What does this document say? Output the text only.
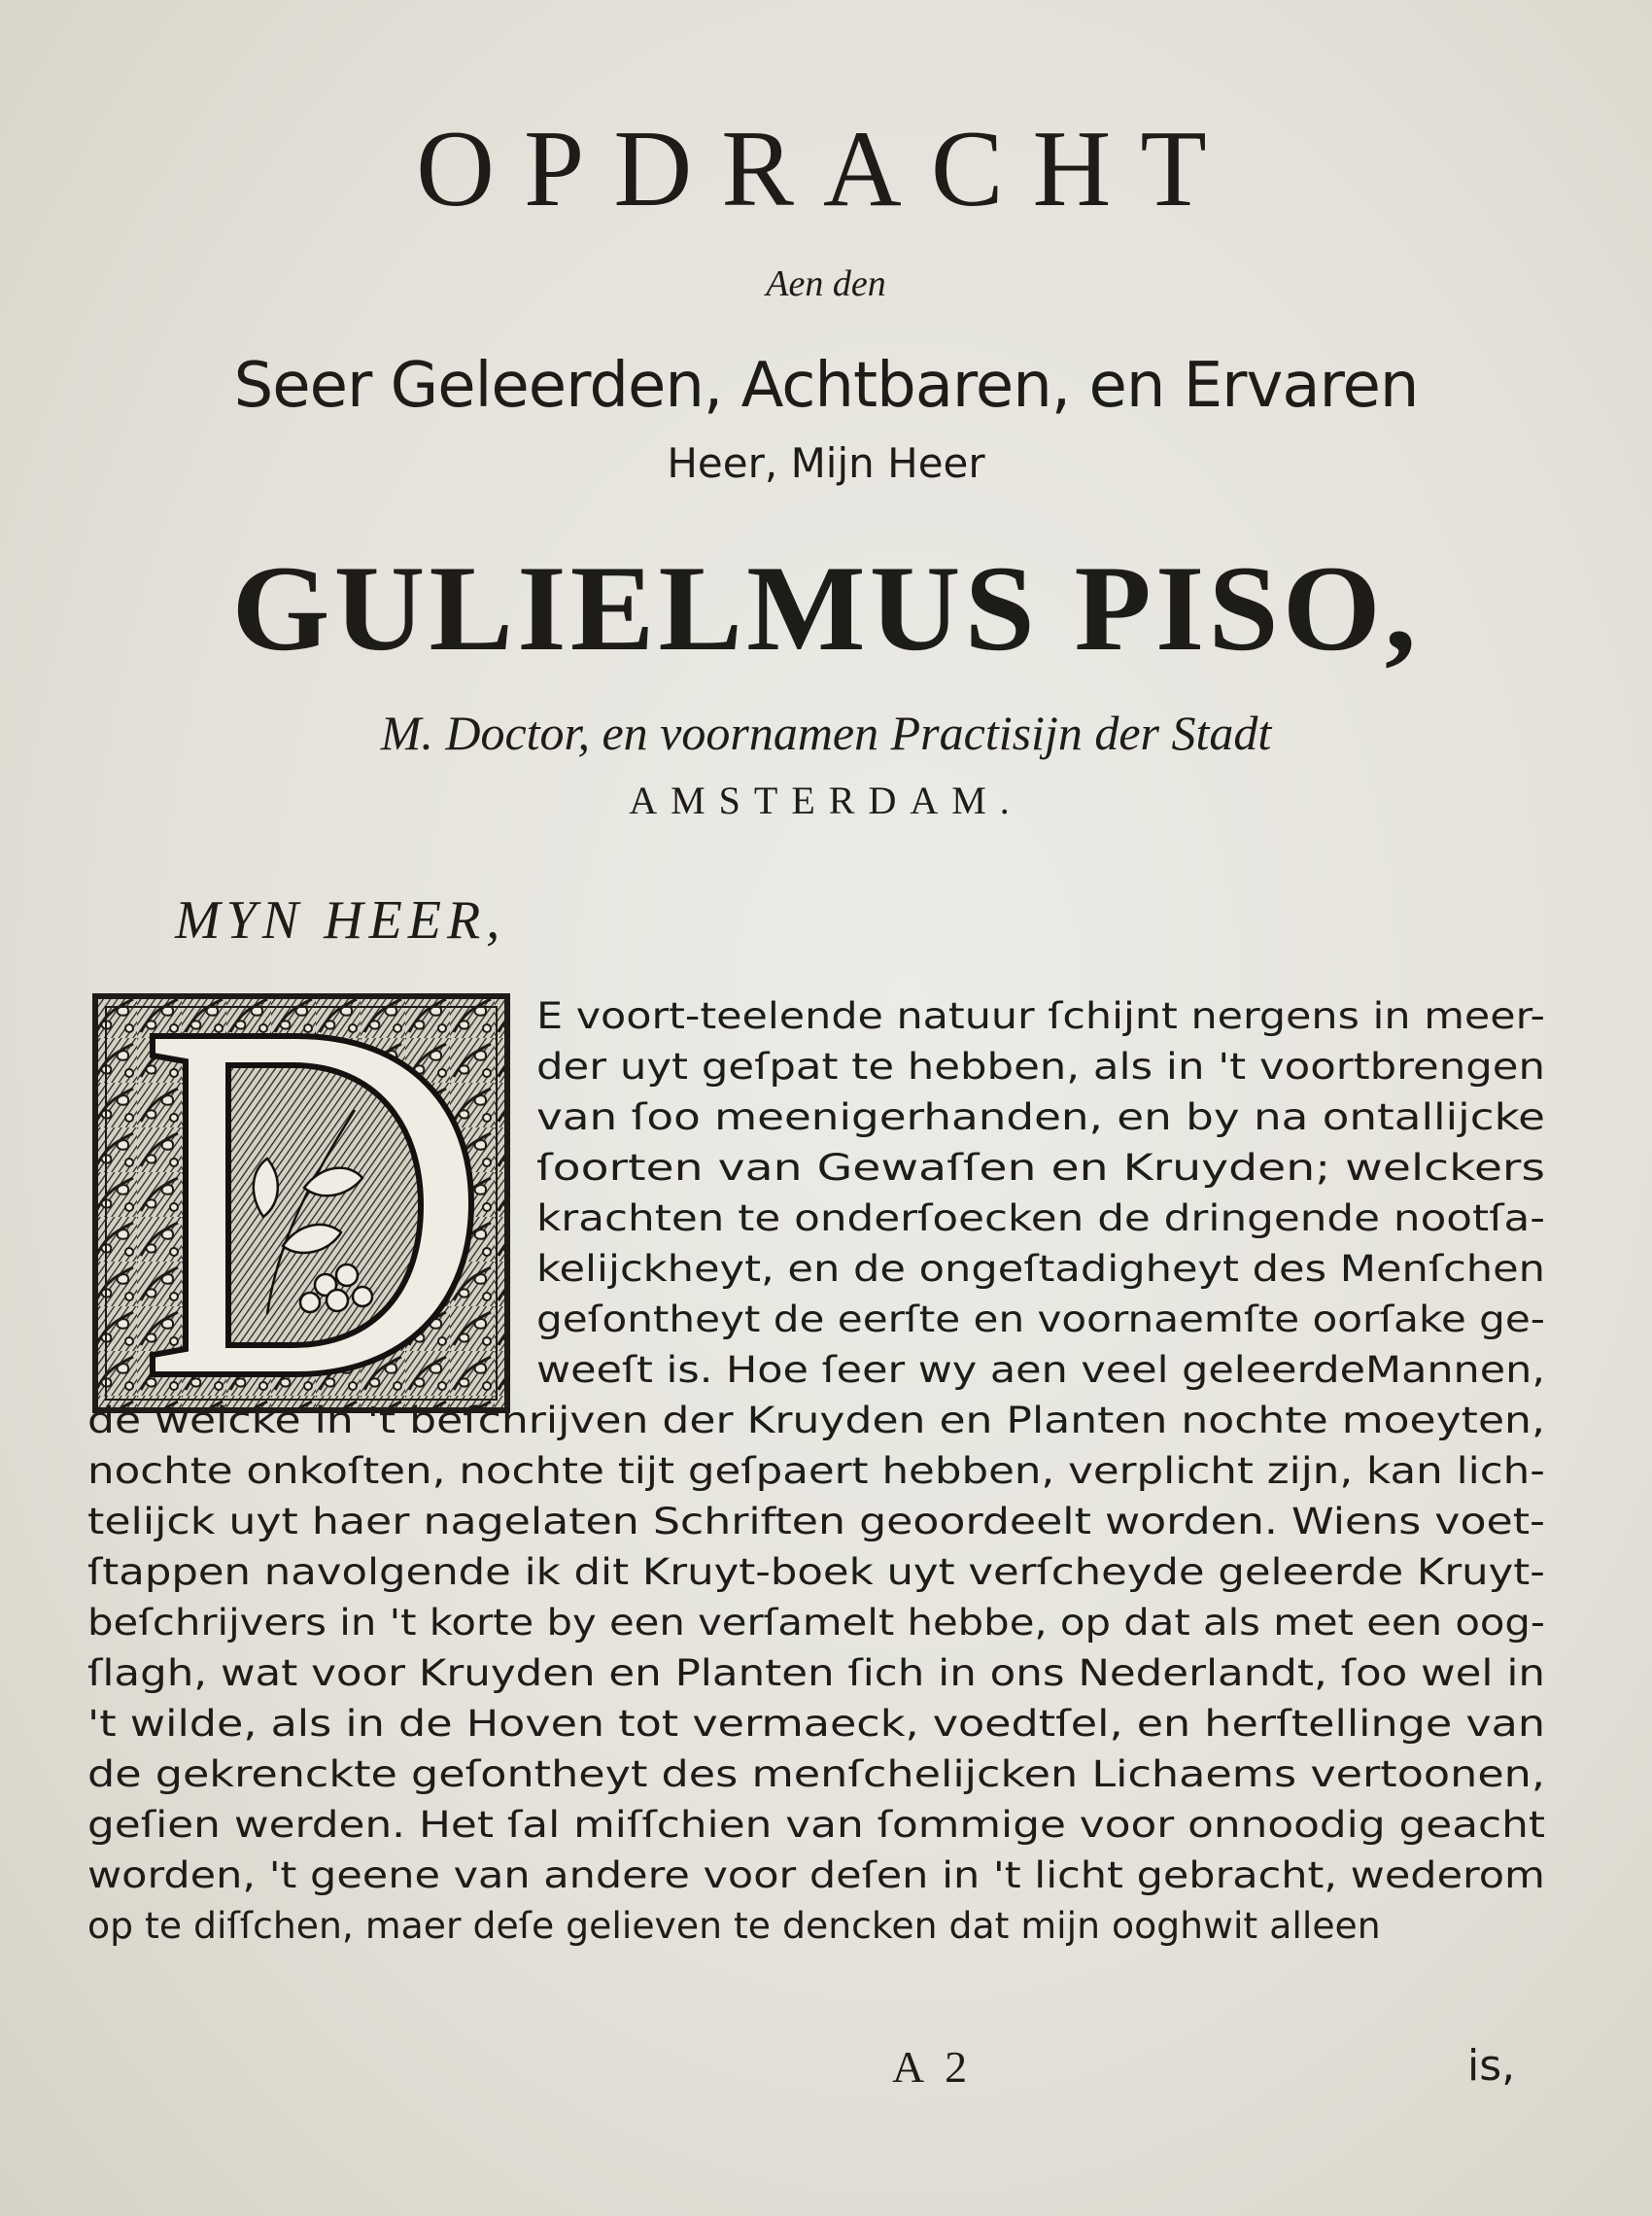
OPDRACHT
Aen den
Seer Geleerden, Achtbaren, en Ervaren
Heer, Mijn Heer
GULIELMUS PISO,
M. Doctor, en voornamen Practisijn der Stadt
AMSTERDAM.
MYN HEER,
E voort-teelende natuur ſchijnt nergens in meer-
der uyt geſpat te hebben, als in 't voortbrengen
van ſoo meenigerhanden, en by na ontallijcke
ſoorten van Gewaſſen en Kruyden; welckers
krachten te onderſoecken de dringende nootſa-
kelijckheyt, en de ongeſtadigheyt des Menſchen
geſontheyt de eerſte en voornaemſte oorſake ge-
weeſt is. Hoe ſeer wy aen veel geleerdeMannen,
de welcke in 't beſchrijven der Kruyden en Planten nochte moeyten,
nochte onkoſten, nochte tijt geſpaert hebben, verplicht zijn, kan lich-
telijck uyt haer nagelaten Schriften geoordeelt worden. Wiens voet-
ſtappen navolgende ik dit Kruyt-boek uyt verſcheyde geleerde Kruyt-
beſchrijvers in 't korte by een verſamelt hebbe, op dat als met een oog-
ſlagh, wat voor Kruyden en Planten ſich in ons Nederlandt, ſoo wel in
't wilde, als in de Hoven tot vermaeck, voedtſel, en herſtellinge van
de gekrenckte geſontheyt des menſchelijcken Lichaems vertoonen,
geſien werden. Het ſal miſſchien van ſommige voor onnoodig geacht
worden, 't geene van andere voor deſen in 't licht gebracht, wederom
op te diſſchen, maer deſe gelieven te dencken dat mijn ooghwit alleen
A 2	is,
